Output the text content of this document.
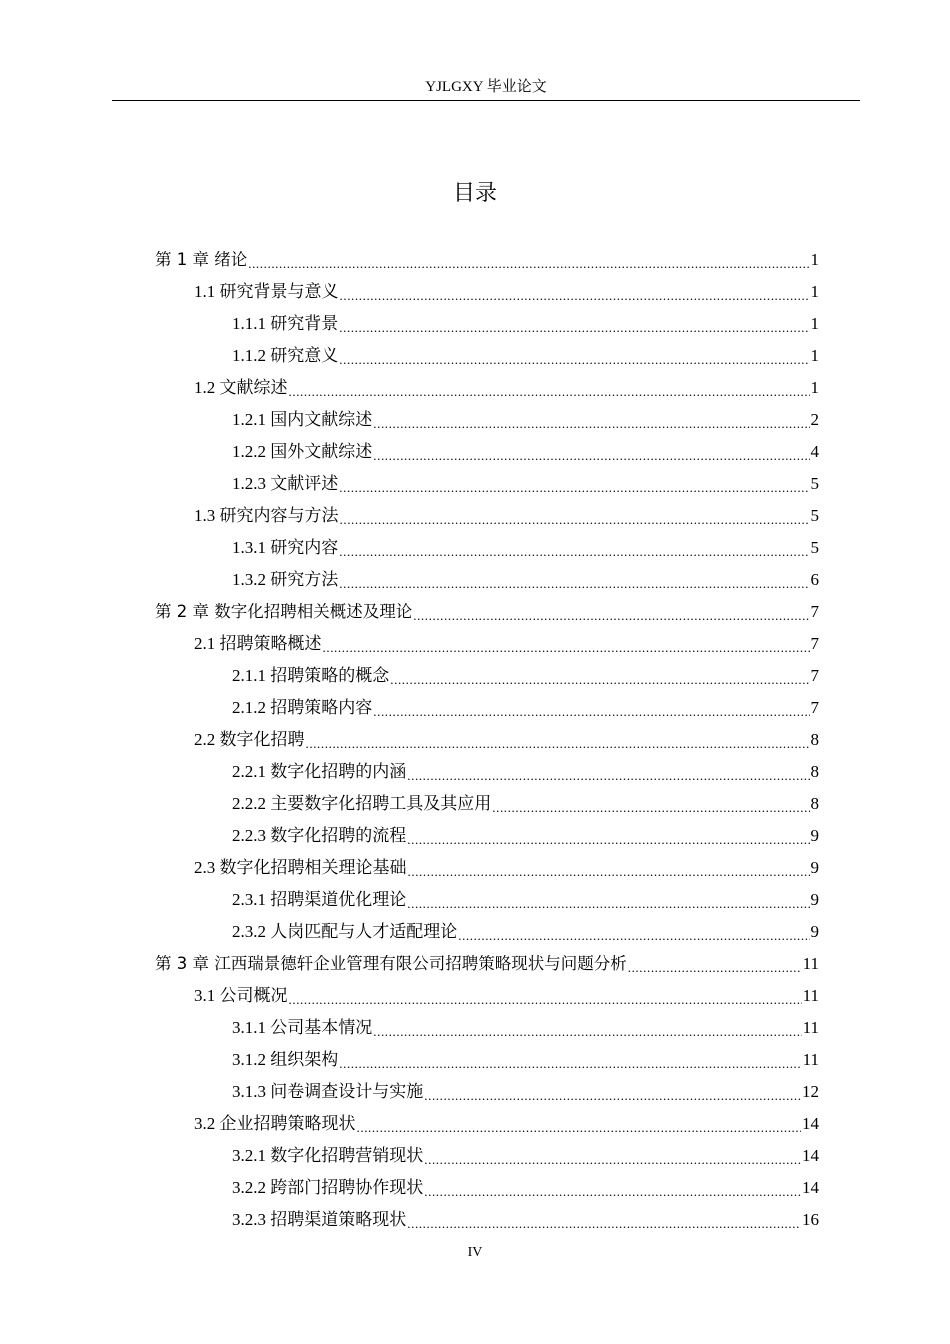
YJLGXY 毕业论文
目录
第 1 章 绪论 .....	1
1.1 研究背景与意义 .....	1
1.1.1 研究背景 .....	1
1.1.2 研究意义 .....	1
1.2 文献综述 .....	1
1.2.1 国内文献综述 .....	2
1.2.2 国外文献综述 .....	4
1.2.3 文献评述 .....	5
1.3 研究内容与方法 .....	5
1.3.1 研究内容 .....	5
1.3.2 研究方法 .....	6
第 2 章 数字化招聘相关概述及理论 .....	7
2.1 招聘策略概述 .....	7
2.1.1 招聘策略的概念 .....	7
2.1.2 招聘策略内容 .....	7
2.2 数字化招聘 .....	8
2.2.1 数字化招聘的内涵 .....	8
2.2.2 主要数字化招聘工具及其应用 .....	8
2.2.3 数字化招聘的流程 .....	9
2.3 数字化招聘相关理论基础 .....	9
2.3.1 招聘渠道优化理论 .....	9
2.3.2 人岗匹配与人才适配理论 .....	9
第 3 章 江西瑞景德轩企业管理有限公司招聘策略现状与问题分析 .....	11
3.1 公司概况 .....	11
3.1.1 公司基本情况 .....	11
3.1.2 组织架构 .....	11
3.1.3 问卷调查设计与实施 .....	12
3.2 企业招聘策略现状 .....	14
3.2.1 数字化招聘营销现状 .....	14
3.2.2 跨部门招聘协作现状 .....	14
3.2.3 招聘渠道策略现状 .....	16
IV
